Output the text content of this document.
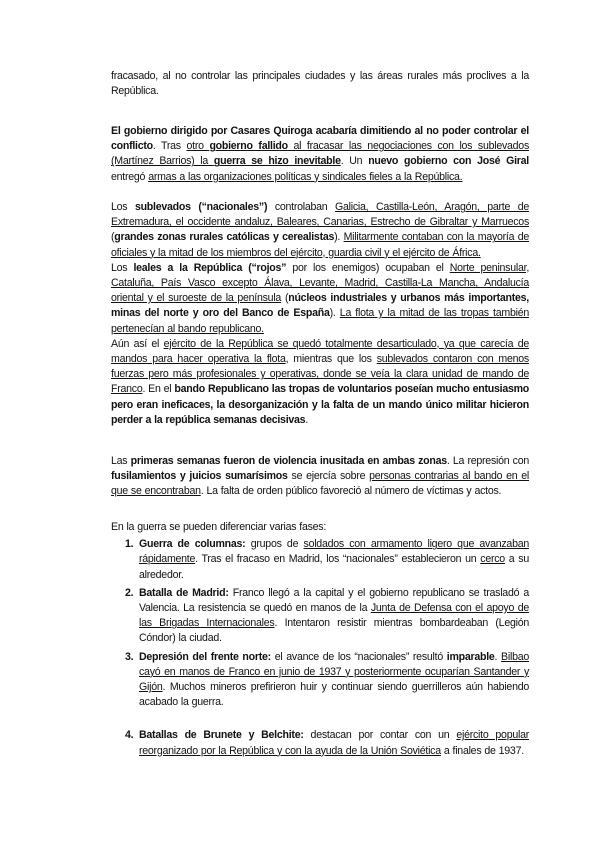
fracasado, al no controlar las principales ciudades y las áreas rurales más proclives a la República.

El gobierno dirigido por Casares Quiroga acabaría dimitiendo al no poder controlar el conflicto. Tras otro gobierno fallido al fracasar las negociaciones con los sublevados (Martínez Barrios) la guerra se hizo inevitable. Un nuevo gobierno con José Giral entregó armas a las organizaciones políticas y sindicales fieles a la República.

Los sublevados (“nacionales”) controlaban Galicia, Castilla-León, Aragón, parte de Extremadura, el occidente andaluz, Baleares, Canarias, Estrecho de Gibraltar y Marruecos (grandes zonas rurales católicas y cerealistas). Militarmente contaban con la mayoría de oficiales y la mitad de los miembros del ejército, guardia civil y el ejército de África.

Los leales a la República (“rojos” por los enemigos) ocupaban el Norte peninsular, Cataluña, País Vasco excepto Álava, Levante, Madrid, Castilla-La Mancha, Andalucía oriental y el suroeste de la península (núcleos industriales y urbanos más importantes, minas del norte y oro del Banco de España). La flota y la mitad de las tropas también pertenecían al bando republicano.

Aún así el ejército de la República se quedó totalmente desarticulado, ya que carecía de mandos para hacer operativa la flota, mientras que los sublevados contaron con menos fuerzas pero más profesionales y operativas, donde se veía la clara unidad de mando de Franco. En el bando Republicano las tropas de voluntarios poseían mucho entusiasmo pero eran ineficaces, la desorganización y la falta de un mando único militar hicieron perder a la república semanas decisivas.

Las primeras semanas fueron de violencia inusitada en ambas zonas. La represión con fusilamientos y juicios sumarísimos se ejercía sobre personas contrarias al bando en el que se encontraban. La falta de orden público favoreció al número de víctimas y actos.

En la guerra se pueden diferenciar varias fases:

1. Guerra de columnas: grupos de soldados con armamento ligero que avanzaban rápidamente. Tras el fracaso en Madrid, los “nacionales” establecieron un cerco a su alrededor.
2. Batalla de Madrid: Franco llegó a la capital y el gobierno republicano se trasladó a Valencia. La resistencia se quedó en manos de la Junta de Defensa con el apoyo de las Brigadas Internacionales. Intentaron resistir mientras bombardeaban (Legión Cóndor) la ciudad.
3. Depresión del frente norte: el avance de los “nacionales” resultó imparable. Bilbao cayó en manos de Franco en junio de 1937 y posteriormente ocuparían Santander y Gijón. Muchos mineros prefirieron huir y continuar siendo guerrilleros aún habiendo acabado la guerra.
4. Batallas de Brunete y Belchite: destacan por contar con un ejército popular reorganizado por la República y con la ayuda de la Unión Soviética a finales de 1937.
